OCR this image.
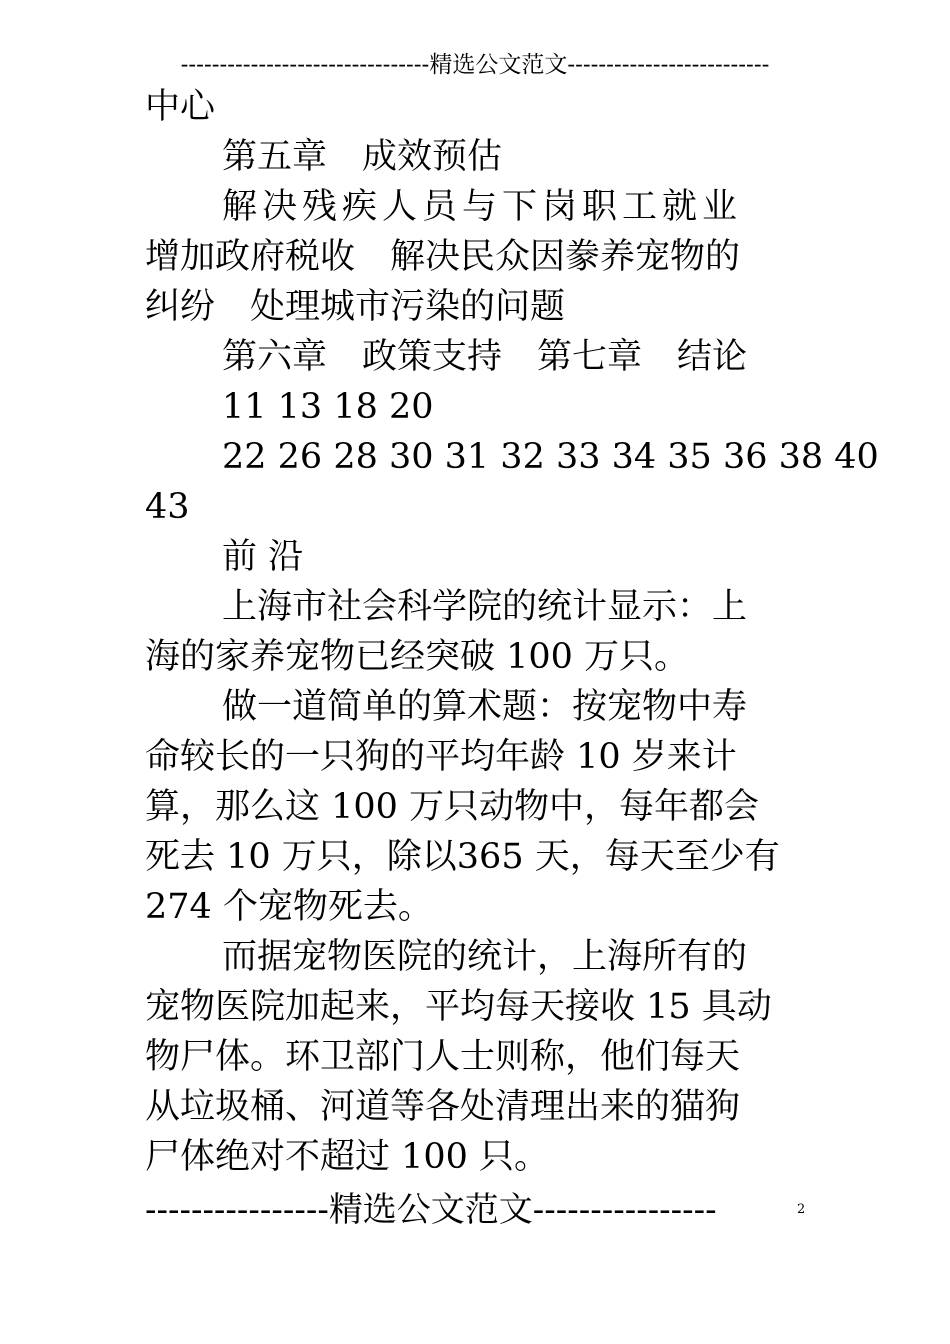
--------------------------------精选公文范文--------------------------
中心
第五章　成效预估
解决残疾人员与下岗职工就业
增加政府税收　解决民众因豢养宠物的
纠纷　处理城市污染的问题
第六章　政策支持　第七章　结论
11 13 18 20
22 26 28 30 31 32 33 34 35 36 38 40
43
前 沿
上海市社会科学院的统计显示：上
海的家养宠物已经突破 100 万只。
做一道简单的算术题：按宠物中寿
命较长的一只狗的平均年龄 10 岁来计
算，那么这 100 万只动物中，每年都会
死去 10 万只，除以365 天，每天至少有
274 个宠物死去。
而据宠物医院的统计，上海所有的
宠物医院加起来，平均每天接收 15 具动
物尸体。环卫部门人士则称，他们每天
从垃圾桶、河道等各处清理出来的猫狗
尸体绝对不超过 100 只。
----------------精选公文范文----------------	2
